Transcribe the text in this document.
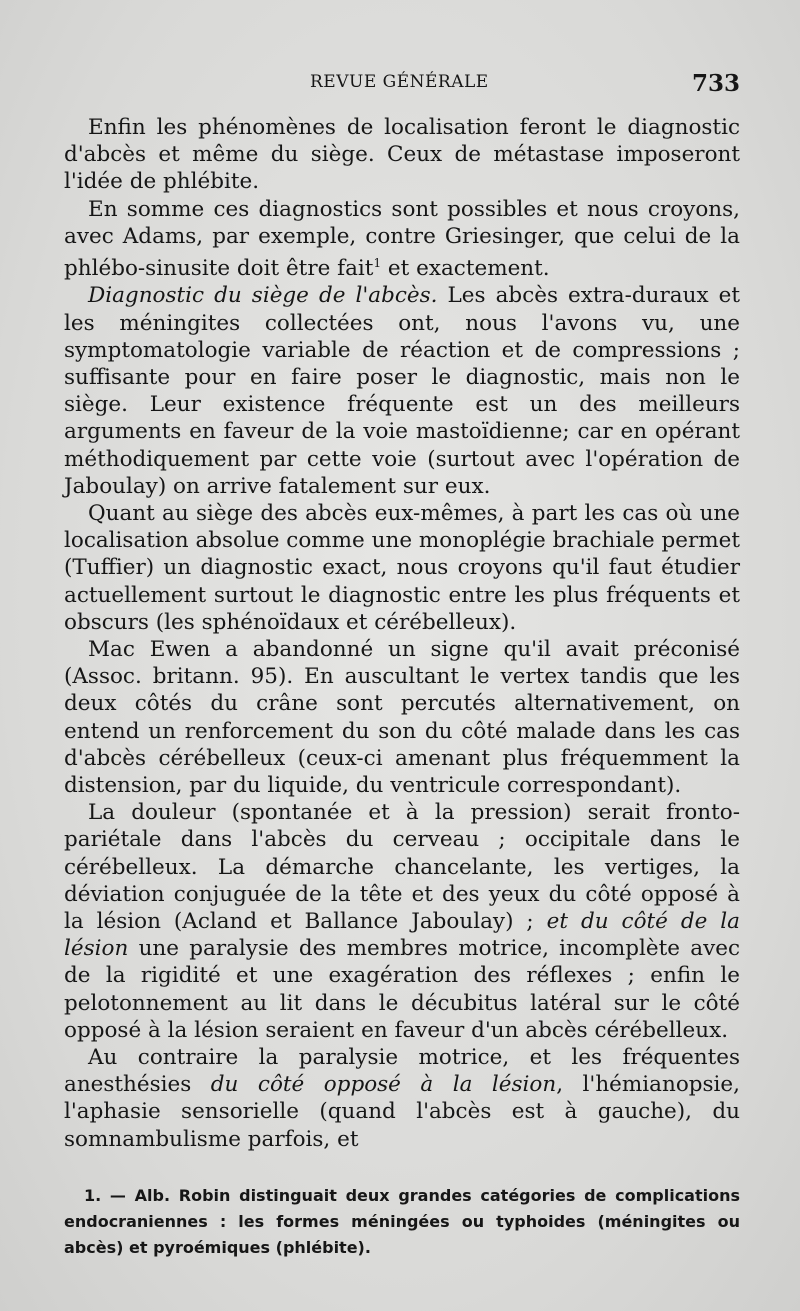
REVUE GÉNÉRALE	733

Enfin les phénomènes de localisation feront le diagnostic d'abcès et même du siège. Ceux de métastase imposeront l'idée de phlébite.

En somme ces diagnostics sont possibles et nous croyons, avec Adams, par exemple, contre Griesinger, que celui de la phlébo-sinusite doit être fait$^1$ et exactement.

Diagnostic du siège de l'abcès. Les abcès extra-duraux et les méningites collectées ont, nous l'avons vu, une symptomatologie variable de réaction et de compressions ; suffisante pour en faire poser le diagnostic, mais non le siège. Leur existence fréquente est un des meilleurs arguments en faveur de la voie mastoïdienne; car en opérant méthodiquement par cette voie (surtout avec l'opération de Jaboulay) on arrive fatalement sur eux.

Quant au siège des abcès eux-mêmes, à part les cas où une localisation absolue comme une monoplégie brachiale permet (Tuffier) un diagnostic exact, nous croyons qu'il faut étudier actuellement surtout le diagnostic entre les plus fréquents et obscurs (les sphénoïdaux et cérébelleux).

Mac Ewen a abandonné un signe qu'il avait préconisé (Assoc. britann. 95). En auscultant le vertex tandis que les deux côtés du crâne sont percutés alternativement, on entend un renforcement du son du côté malade dans les cas d'abcès cérébelleux (ceux-ci amenant plus fréquemment la distension, par du liquide, du ventricule correspondant).

La douleur (spontanée et à la pression) serait fronto-pariétale dans l'abcès du cerveau ; occipitale dans le cérébelleux. La démarche chancelante, les vertiges, la déviation conjuguée de la tête et des yeux du côté opposé à la lésion (Acland et Ballance Jaboulay) ; et du côté de la lésion une paralysie des membres motrice, incomplète avec de la rigidité et une exagération des réflexes ; enfin le pelotonnement au lit dans le décubitus latéral sur le côté opposé à la lésion seraient en faveur d'un abcès cérébelleux.

Au contraire la paralysie motrice, et les fréquentes anesthésies du côté opposé à la lésion, l'hémianopsie, l'aphasie sensorielle (quand l'abcès est à gauche), du somnambulisme parfois, et

1. — Alb. Robin distinguait deux grandes catégories de complications endocraniennes : les formes méningées ou typhoides (méningites ou abcès) et pyroémiques (phlébite).
